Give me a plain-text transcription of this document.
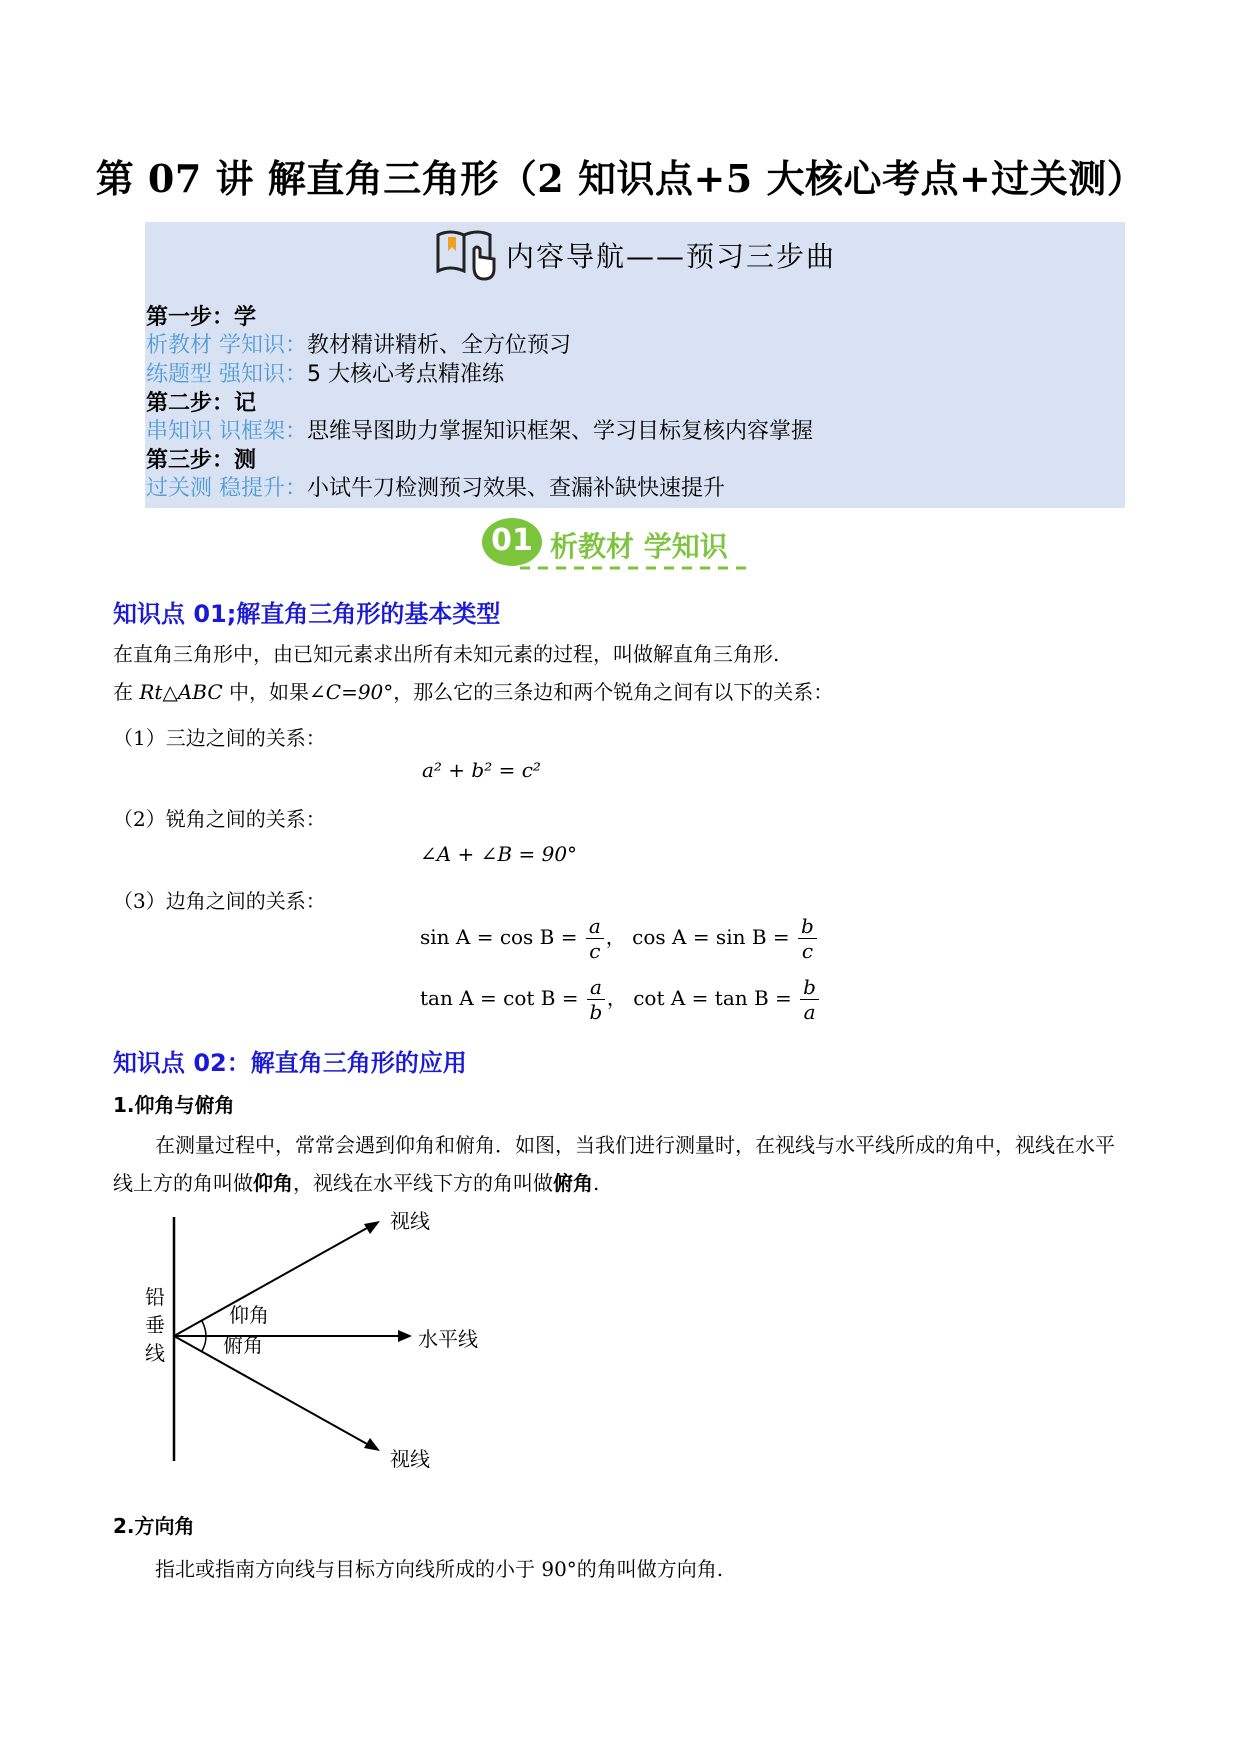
第 07 讲 解直角三角形（2 知识点+5 大核心考点+过关测）
内容导航——预习三步曲
第一步：学
析教材 学知识：教材精讲精析、全方位预习
练题型 强知识：5 大核心考点精准练
第二步：记
串知识 识框架：思维导图助力掌握知识框架、学习目标复核内容掌握
第三步：测
过关测 稳提升：小试牛刀检测预习效果、查漏补缺快速提升
01 析教材 学知识
知识点 01;解直角三角形的基本类型
在直角三角形中，由已知元素求出所有未知元素的过程，叫做解直角三角形.
在 Rt△ABC 中，如果∠C=90°，那么它的三条边和两个锐角之间有以下的关系：
（1）三边之间的关系：
a² + b² = c²
（2）锐角之间的关系：
∠A + ∠B = 90°
（3）边角之间的关系：
$\sin A = \cos B = \frac{a}{c}$ ， $\cos A = \sin B = \frac{b}{c}$
$\tan A = \cot B = \frac{a}{b}$ ， $\cot A = \tan B = \frac{b}{a}$
知识点 02：解直角三角形的应用
1.仰角与俯角
在测量过程中，常常会遇到仰角和俯角．如图，当我们进行测量时，在视线与水平线所成的角中，视线在水平线上方的角叫做仰角，视线在水平线下方的角叫做俯角.
视线
视线
水平线
仰角
俯角
铅
垂
线
2.方向角
指北或指南方向线与目标方向线所成的小于 90°的角叫做方向角.
